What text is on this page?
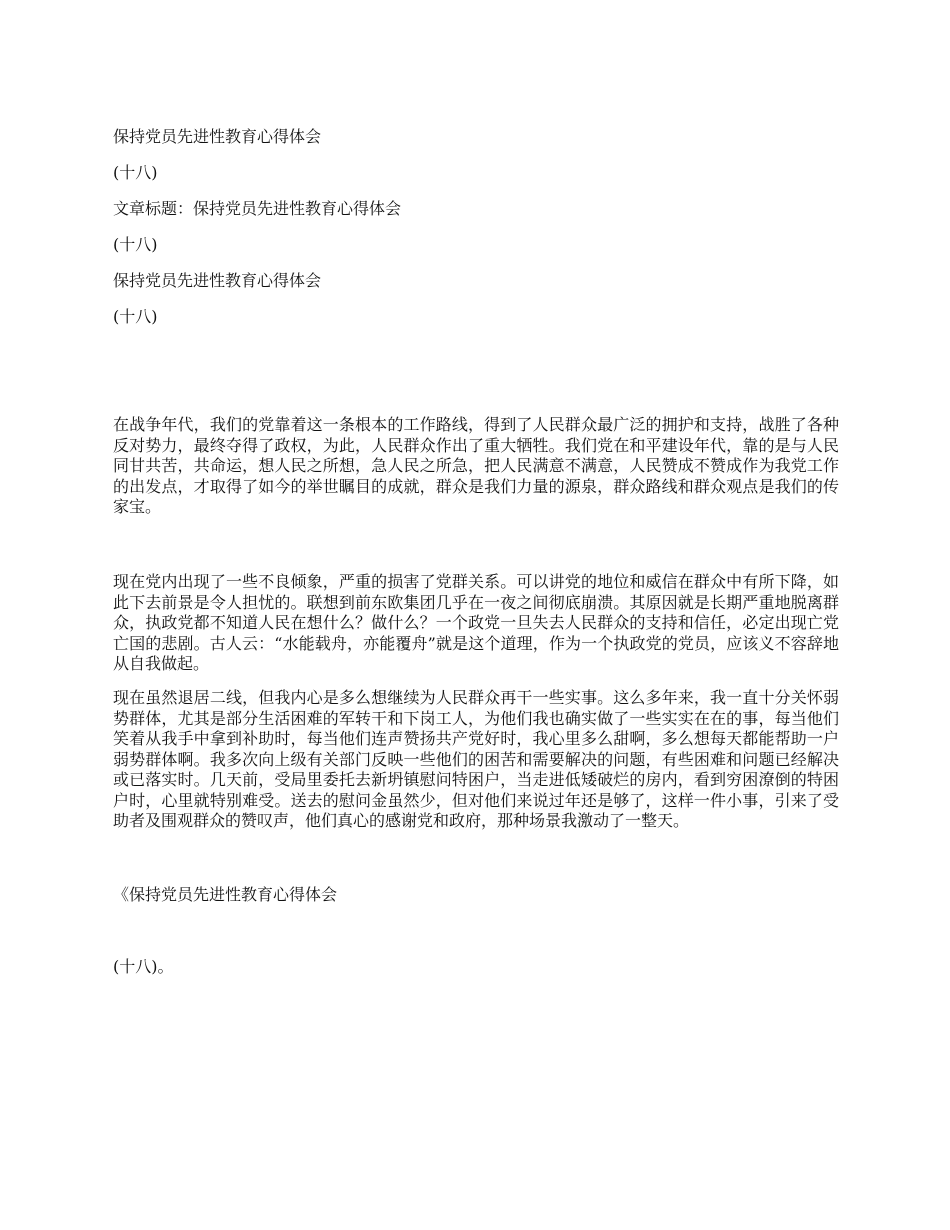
保持党员先进性教育心得体会
(十八)
文章标题：保持党员先进性教育心得体会
(十八)
保持党员先进性教育心得体会
(十八)
在战争年代，我们的党靠着这一条根本的工作路线，得到了人民群众最广泛的拥护和支持，战胜了各种反对势力，最终夺得了政权，为此，人民群众作出了重大牺牲。我们党在和平建设年代，靠的是与人民同甘共苦，共命运，想人民之所想，急人民之所急，把人民满意不满意，人民赞成不赞成作为我党工作的出发点，才取得了如今的举世瞩目的成就，群众是我们力量的源泉，群众路线和群众观点是我们的传家宝。
现在党内出现了一些不良倾象，严重的损害了党群关系。可以讲党的地位和威信在群众中有所下降，如此下去前景是令人担忧的。联想到前东欧集团几乎在一夜之间彻底崩溃。其原因就是长期严重地脱离群众，执政党都不知道人民在想什么？做什么？一个政党一旦失去人民群众的支持和信任，必定出现亡党亡国的悲剧。古人云：“水能载舟，亦能覆舟”就是这个道理，作为一个执政党的党员，应该义不容辞地从自我做起。
现在虽然退居二线，但我内心是多么想继续为人民群众再干一些实事。这么多年来，我一直十分关怀弱势群体，尤其是部分生活困难的军转干和下岗工人，为他们我也确实做了一些实实在在的事，每当他们笑着从我手中拿到补助时，每当他们连声赞扬共产党好时，我心里多么甜啊，多么想每天都能帮助一户弱势群体啊。我多次向上级有关部门反映一些他们的困苦和需要解决的问题，有些困难和问题已经解决或已落实时。几天前，受局里委托去新坍镇慰问特困户，当走进低矮破烂的房内，看到穷困潦倒的特困户时，心里就特别难受。送去的慰问金虽然少，但对他们来说过年还是够了，这样一件小事，引来了受助者及围观群众的赞叹声，他们真心的感谢党和政府，那种场景我激动了一整天。
《保持党员先进性教育心得体会
(十八)。
